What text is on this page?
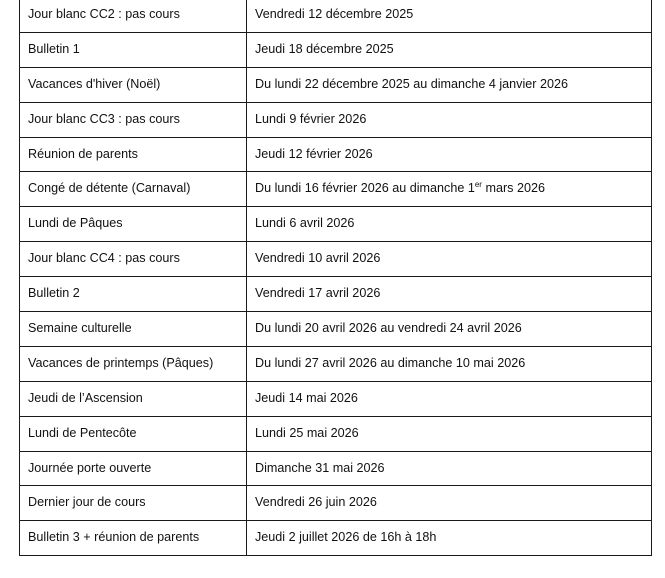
Jour blanc CC2 : pas cours	Vendredi 12 décembre 2025
Bulletin 1	Jeudi 18 décembre 2025
Vacances d'hiver (Noël)	Du lundi 22 décembre 2025 au dimanche 4 janvier 2026
Jour blanc CC3 : pas cours	Lundi 9 février 2026
Réunion de parents	Jeudi 12 février 2026
Congé de détente (Carnaval)	Du lundi 16 février 2026 au dimanche 1er mars 2026
Lundi de Pâques	Lundi 6 avril 2026
Jour blanc CC4 : pas cours	Vendredi 10 avril 2026
Bulletin 2	Vendredi 17 avril 2026
Semaine culturelle	Du lundi 20 avril 2026 au vendredi 24 avril 2026
Vacances de printemps (Pâques)	Du lundi 27 avril 2026 au dimanche 10 mai 2026
Jeudi de l’Ascension	Jeudi 14 mai 2026
Lundi de Pentecôte	Lundi 25 mai 2026
Journée porte ouverte	Dimanche 31 mai 2026
Dernier jour de cours	Vendredi 26 juin 2026
Bulletin 3 + réunion de parents	Jeudi 2 juillet 2026 de 16h à 18h
